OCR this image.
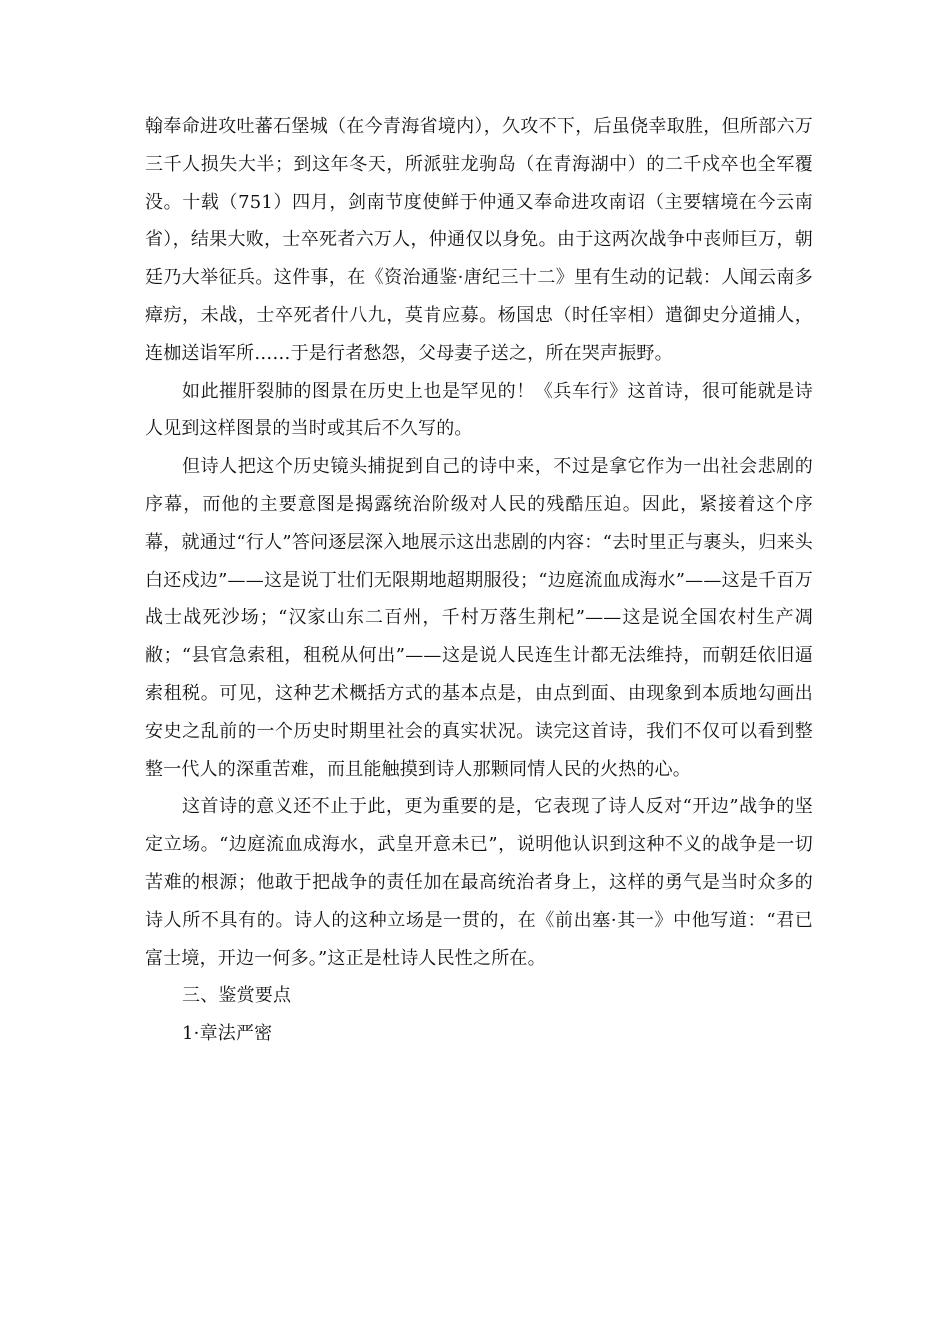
翰奉命进攻吐蕃石堡城（在今青海省境内），久攻不下，后虽侥幸取胜，但所部六万三千人损失大半；到这年冬天，所派驻龙驹岛（在青海湖中）的二千戍卒也全军覆没。十载（751）四月，剑南节度使鲜于仲通又奉命进攻南诏（主要辖境在今云南省），结果大败，士卒死者六万人，仲通仅以身免。由于这两次战争中丧师巨万，朝廷乃大举征兵。这件事，在《资治通鉴·唐纪三十二》里有生动的记载：人闻云南多瘴疠，未战，士卒死者什八九，莫肯应募。杨国忠（时任宰相）遣御史分道捕人，连枷送诣军所……于是行者愁怨，父母妻子送之，所在哭声振野。

如此摧肝裂肺的图景在历史上也是罕见的！《兵车行》这首诗，很可能就是诗人见到这样图景的当时或其后不久写的。

但诗人把这个历史镜头捕捉到自己的诗中来，不过是拿它作为一出社会悲剧的序幕，而他的主要意图是揭露统治阶级对人民的残酷压迫。因此，紧接着这个序幕，就通过“行人”答问逐层深入地展示这出悲剧的内容：“去时里正与裹头，归来头白还戍边”——这是说丁壮们无限期地超期服役；“边庭流血成海水”——这是千百万战士战死沙场；“汉家山东二百州，千村万落生荆杞”——这是说全国农村生产凋敝；“县官急索租，租税从何出”——这是说人民连生计都无法维持，而朝廷依旧逼索租税。可见，这种艺术概括方式的基本点是，由点到面、由现象到本质地勾画出安史之乱前的一个历史时期里社会的真实状况。读完这首诗，我们不仅可以看到整整一代人的深重苦难，而且能触摸到诗人那颗同情人民的火热的心。

这首诗的意义还不止于此，更为重要的是，它表现了诗人反对“开边”战争的坚定立场。“边庭流血成海水，武皇开意未已”，说明他认识到这种不义的战争是一切苦难的根源；他敢于把战争的责任加在最高统治者身上，这样的勇气是当时众多的诗人所不具有的。诗人的这种立场是一贯的，在《前出塞·其一》中他写道：“君已富士境，开边一何多。”这正是杜诗人民性之所在。

三、鉴赏要点

1·章法严密
